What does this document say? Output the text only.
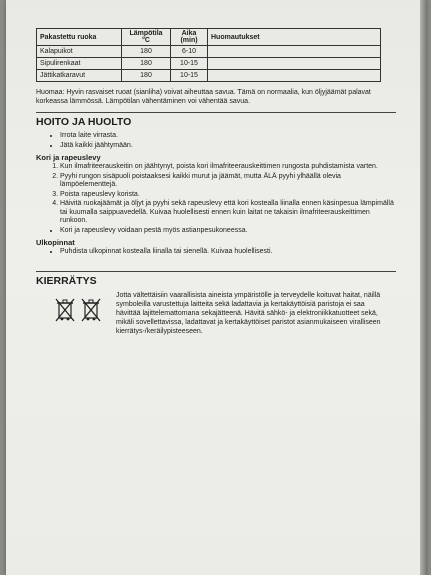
Pakastettu ruoka	Lämpötila °C	Aika (min)	Huomautukset
Kalapuikot	180	6-10	
Sipulirenkaat	180	10-15	
Jättikatkaravut	180	10-15	
Huomaa: Hyvin rasvaiset ruoat (sianliha) voivat aiheuttaa savua. Tämä on normaalia, kun öljyjäämät palavat korkeassa lämmössä. Lämpötilan vähentäminen voi vähentää savua.
HOITO JA HUOLTO
• Irrota laite virrasta.
• Jätä kaikki jäähtymään.
Kori ja rapeuslevy
1. Kun ilmafriteerauskeitin on jäähtynyt, poista kori ilmafriteerauskeittimen rungosta puhdistamista varten.
2. Pyyhi rungon sisäpuoli poistaaksesi kaikki murut ja jäämät, mutta ÄLÄ pyyhi ylhäällä olevia lämpöelementtejä.
3. Poista rapeuslevy korista.
4. Häivitä ruokajäämät ja öljyt ja pyyhi sekä rapeuslevy että kori kostealla liinalla ennen käsinpesua lämpimällä tai kuumalla saippuavedellä. Kuivaa huolellisesti ennen kuin laitat ne takaisin ilmafriteerauskeittimen runkoon.
• Kori ja rapeuslevy voidaan pestä myös astianpesukoneessa.
Ulkopinnat
• Puhdista ulkopinnat kostealla liinalla tai sienellä. Kuivaa huolellisesti.
KIERRÄTYS
Jotta vältettäisiin vaarallisista aineista ympäristölle ja terveydelle koituvat haitat, näillä symboleilla varustettuja laitteita sekä ladattavia ja kertakäyttöisiä paristoja ei saa hävittää lajittelemattomana sekajätteenä. Hävitä sähkö- ja elektroniikkatuotteet sekä, mikäli sovellettavissa, ladattavat ja kertakäyttöiset paristot asianmukaiseen viralliseen kierrätys-/keräilypisteeseen.
